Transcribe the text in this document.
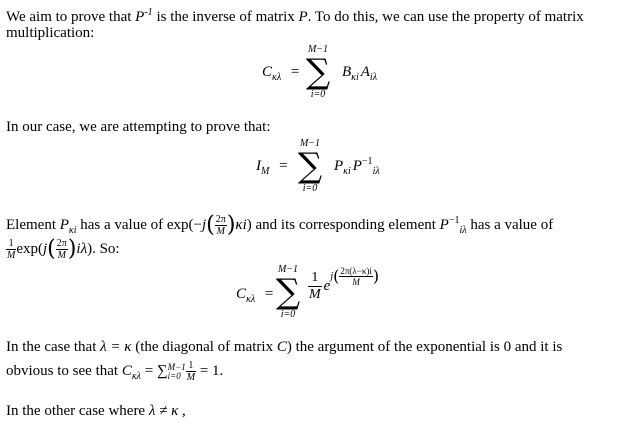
We aim to prove that $P^{-1}$ is the inverse of matrix P. To do this, we can use the property of matrix
multiplication:
$C_{\kappa\lambda}$ =
M−1
∑
i=0
$B_{\kappa i}$ $A_{i\lambda}$
In our case, we are attempting to prove that:
$I_M$ =
M−1
∑
i=0
$P_{\kappa i}$ $P^{-1}_{i\lambda}$
Element $P_{\kappa i}$ has a value of $\exp(-j( \frac{2\pi}{M} )\kappa i)$ and its corresponding element $P^{-1}_{i\lambda}$ has a value of
$\frac{1}{M} \exp(j( \frac{2\pi}{M} )i\lambda)$. So:
$C_{\kappa\lambda}$ =
M−1
∑
i=0
$\frac{1}{M} ej( \frac{2\pi(\lambda-\kappa)i}{M}$ )
In the case that λ = κ (the diagonal of matrix C) the argument of the exponential is 0 and it is
obvious to see that $C_{\kappa\lambda}$ = ∑ M−1
$i=0 \frac{1}{M} = 1$.
In the other case where λ ≠ κ ,
